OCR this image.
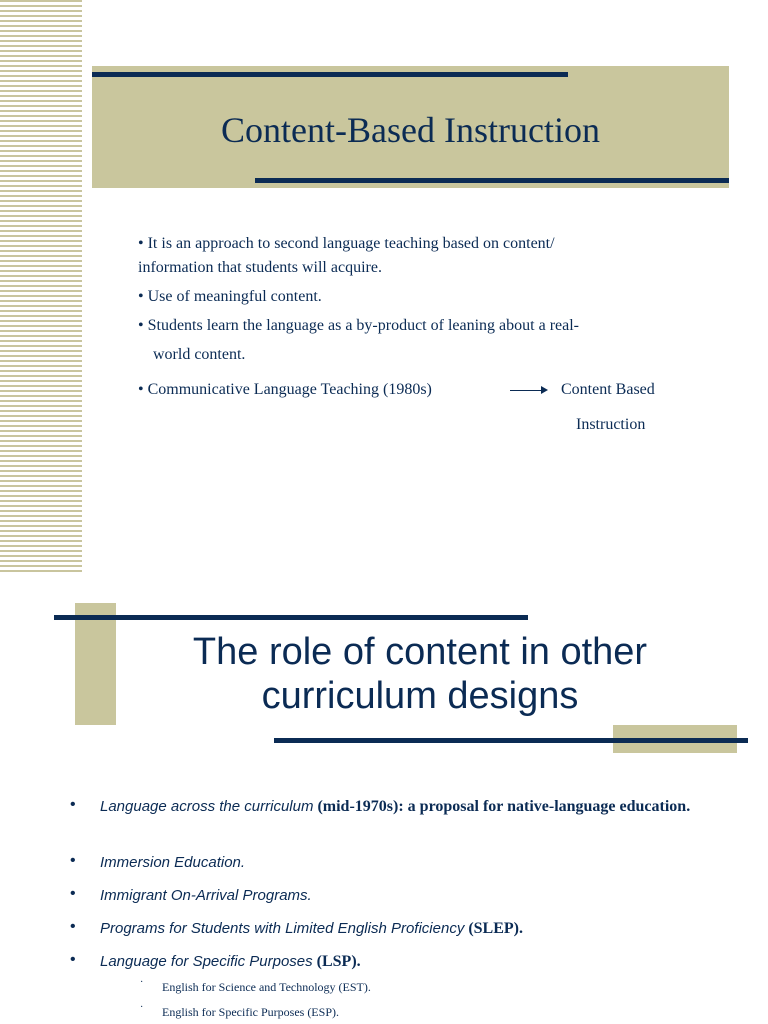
Content-Based Instruction
• It is an approach to second language teaching based on content/
information that students will acquire.
• Use of meaningful content.
• Students learn the language as a by-product of leaning about a real-
world content.
• Communicative Language Teaching (1980s)	Content Based
Instruction
The role of content in other
curriculum designs
• Language across the curriculum (mid-1970s): a proposal for native-language education.
• Immersion Education.
• Immigrant On-Arrival Programs.
• Programs for Students with Limited English Proficiency (SLEP).
• Language for Specific Purposes (LSP).
· English for Science and Technology (EST).
· English for Specific Purposes (ESP).
